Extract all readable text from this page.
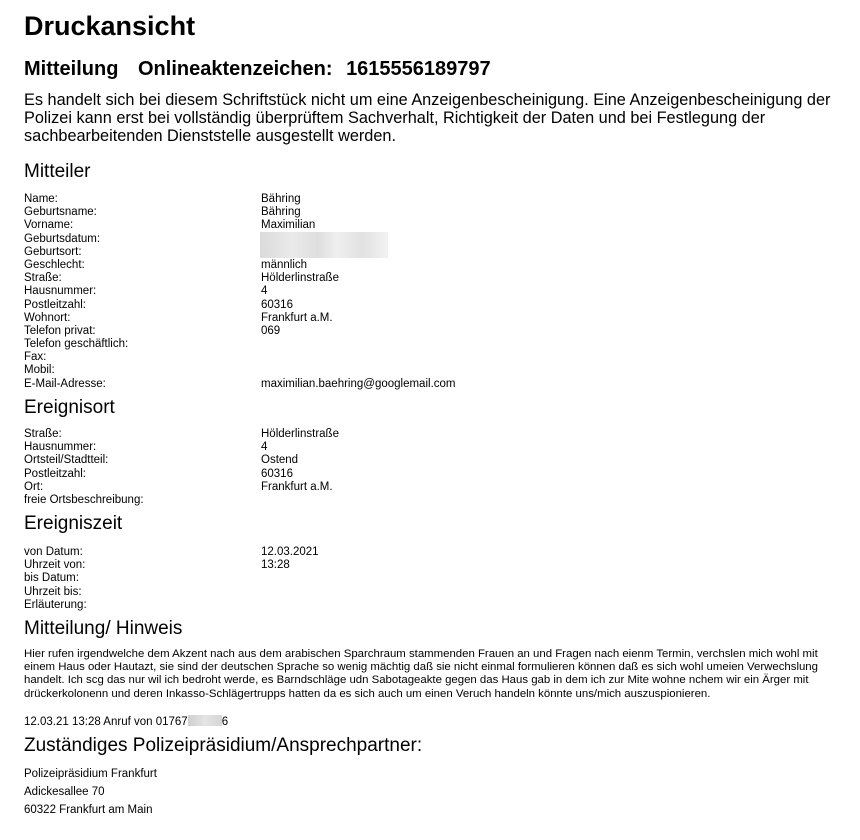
Druckansicht
Mitteilung Onlineaktenzeichen: 1615556189797
Es handelt sich bei diesem Schriftstück nicht um eine Anzeigenbescheinigung. Eine Anzeigenbescheinigung der Polizei kann erst bei vollständig überprüftem Sachverhalt, Richtigkeit der Daten und bei Festlegung der sachbearbeitenden Dienststelle ausgestellt werden.
Mitteiler
Name:	Bähring
Geburtsname:	Bähring
Vorname:	Maximilian
Geburtsdatum:
Geburtsort:
Geschlecht:	männlich
Straße:	Hölderlinstraße
Hausnummer:	4
Postleitzahl:	60316
Wohnort:	Frankfurt a.M.
Telefon privat:	069
Telefon geschäftlich:
Fax:
Mobil:
E-Mail-Adresse:	maximilian.baehring@googlemail.com
Ereignisort
Straße:	Hölderlinstraße
Hausnummer:	4
Ortsteil/Stadtteil:	Ostend
Postleitzahl:	60316
Ort:	Frankfurt a.M.
freie Ortsbeschreibung:
Ereigniszeit
von Datum:	12.03.2021
Uhrzeit von:	13:28
bis Datum:
Uhrzeit bis:
Erläuterung:
Mitteilung/ Hinweis
Hier rufen irgendwelche dem Akzent nach aus dem arabischen Sparchraum stammenden Frauen an und Fragen nach eienm Termin, verchslen mich wohl mit einem Haus oder Hautazt, sie sind der deutschen Sprache so wenig mächtig daß sie nicht einmal formulieren können daß es sich wohl umeien Verwechslung handelt. Ich scg das nur wil ich bedroht werde, es Barndschläge udn Sabotageakte gegen das Haus gab in dem ich zur Mite wohne nchem wir ein Ärger mit drückerkolonenn und deren Inkasso-Schlägertrupps hatten da es sich auch um einen Veruch handeln könnte uns/mich auszuspionieren.
12.03.21 13:28 Anruf von 01767	6
Zuständiges Polizeipräsidium/Ansprechpartner:
Polizeipräsidium Frankfurt
Adickesallee 70
60322 Frankfurt am Main
